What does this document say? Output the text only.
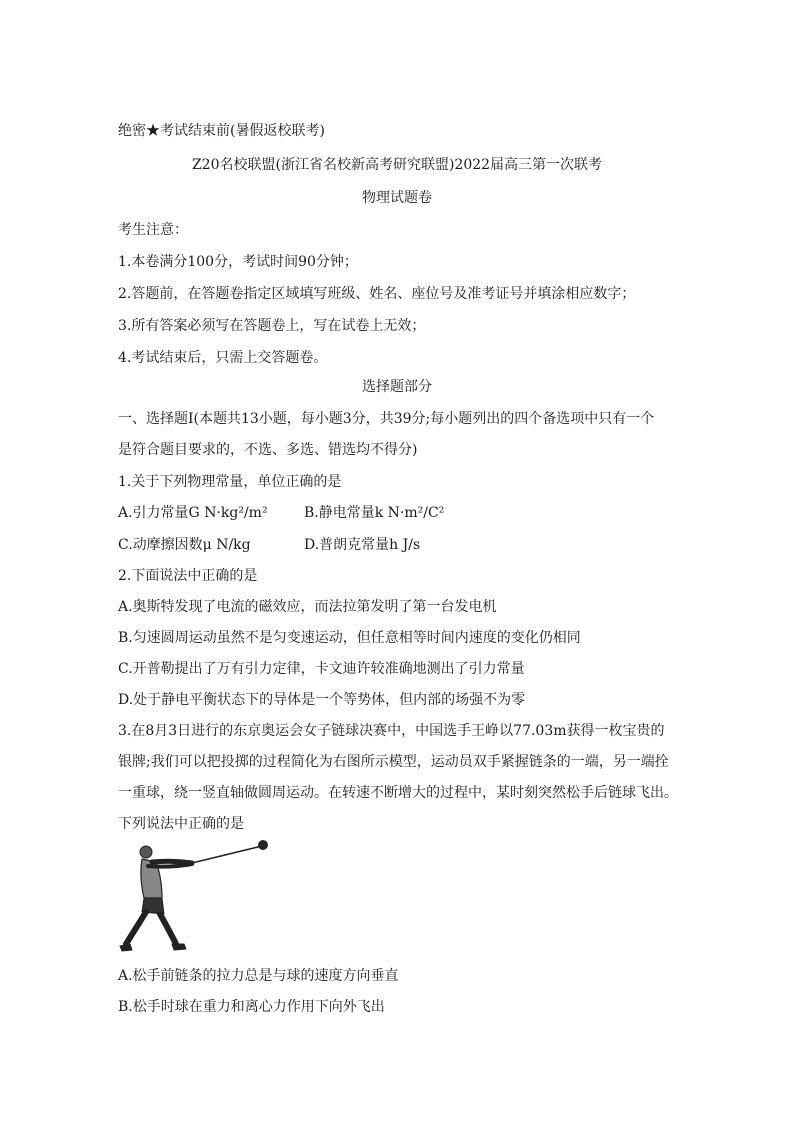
绝密★考试结束前(暑假返校联考)
Z20名校联盟(浙江省名校新高考研究联盟)2022届高三第一次联考
物理试题卷
考生注意：
1.本卷满分100分，考试时间90分钟；
2.答题前，在答题卷指定区域填写班级、姓名、座位号及准考证号并填涂相应数字；
3.所有答案必须写在答题卷上，写在试卷上无效；
4.考试结束后，只需上交答题卷。
选择题部分
一、选择题I(本题共13小题，每小题3分，共39分;每小题列出的四个备选项中只有一个
是符合题目要求的，不选、多选、错选均不得分)
1.关于下列物理常量，单位正确的是
A.引力常量G N·kg²/m²	B.静电常量k N·m²/C²
C.动摩擦因数μ N/kg	D.普朗克常量h J/s
2.下面说法中正确的是
A.奥斯特发现了电流的磁效应，而法拉第发明了第一台发电机
B.匀速圆周运动虽然不是匀变速运动，但任意相等时间内速度的变化仍相同
C.开普勒提出了万有引力定律，卡文迪许较准确地测出了引力常量
D.处于静电平衡状态下的导体是一个等势体，但内部的场强不为零
3.在8月3日进行的东京奥运会女子链球决赛中，中国选手王峥以77.03m获得一枚宝贵的
银牌;我们可以把投掷的过程简化为右图所示模型，运动员双手紧握链条的一端，另一端拴
一重球，绕一竖直轴做圆周运动。在转速不断增大的过程中，某时刻突然松手后链球飞出。
下列说法中正确的是
A.松手前链条的拉力总是与球的速度方向垂直
B.松手时球在重力和离心力作用下向外飞出
